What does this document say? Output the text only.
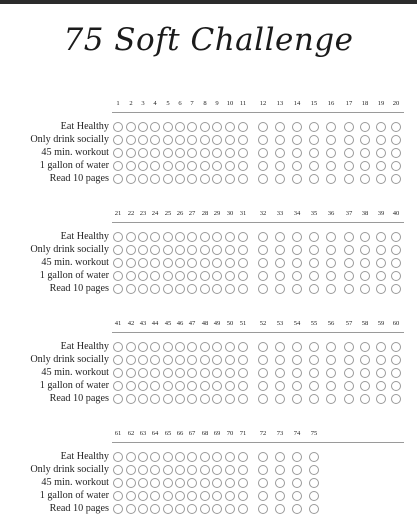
75 Soft Challenge
1	2	3	4	5	6	7	8	9	10 11	12	13	14	15	16	17	18	19	20
Eat Healthy
Only drink socially
45 min. workout
1 gallon of water
Read 10 pages
21 22 23 24 25 26 27 28 29 30 31	32	33	34	35	36	37	38	39	40
Eat Healthy
Only drink socially
45 min. workout
1 gallon of water
Read 10 pages
41 42 43 44 45 46 47 48 49 50 51	52	53	54	55	56	57	58	59	60
Eat Healthy
Only drink socially
45 min. workout
1 gallon of water
Read 10 pages
61 62 63 64 65 66 67 68 69 70 71	72	73	74	75
Eat Healthy
Only drink socially
45 min. workout
1 gallon of water
Read 10 pages
